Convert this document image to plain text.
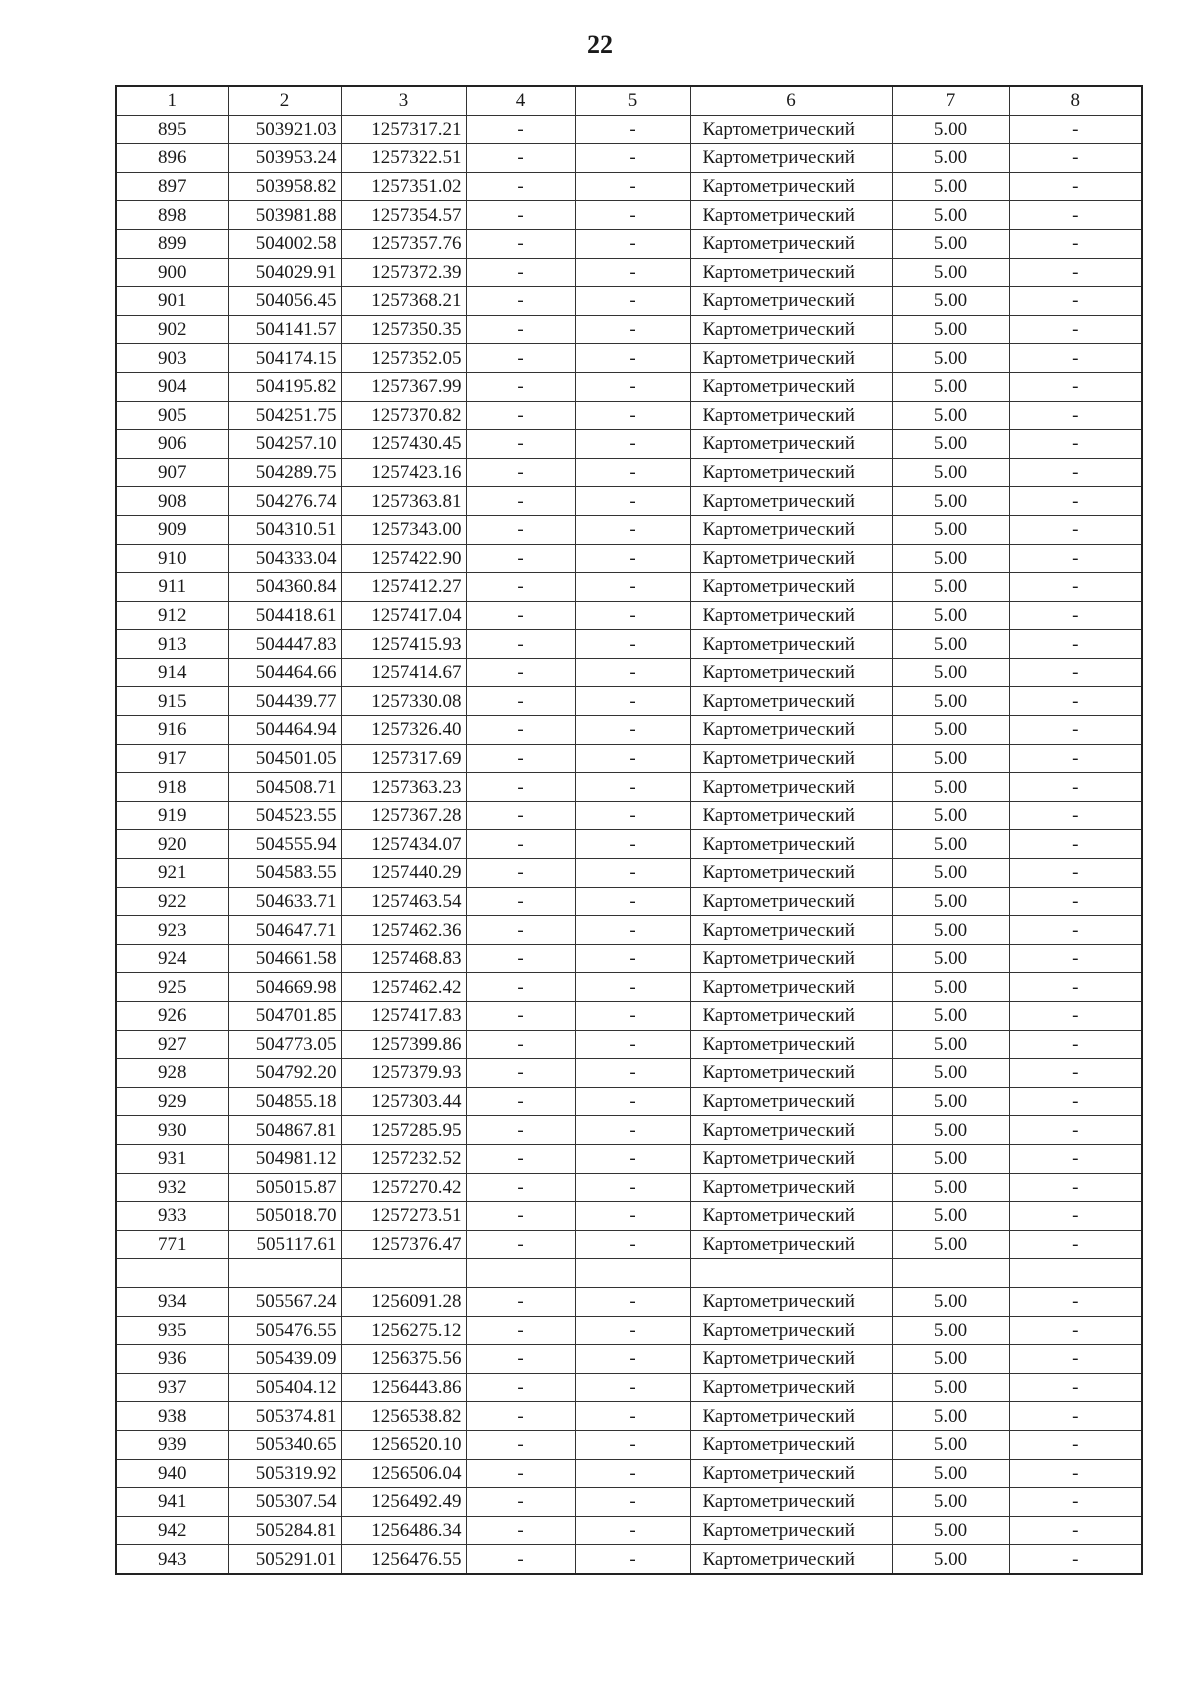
22
1	2	3	4	5	6	7	8
895	503921.03	1257317.21	-	-	Картометрический	5.00	-
896	503953.24	1257322.51	-	-	Картометрический	5.00	-
897	503958.82	1257351.02	-	-	Картометрический	5.00	-
898	503981.88	1257354.57	-	-	Картометрический	5.00	-
899	504002.58	1257357.76	-	-	Картометрический	5.00	-
900	504029.91	1257372.39	-	-	Картометрический	5.00	-
901	504056.45	1257368.21	-	-	Картометрический	5.00	-
902	504141.57	1257350.35	-	-	Картометрический	5.00	-
903	504174.15	1257352.05	-	-	Картометрический	5.00	-
904	504195.82	1257367.99	-	-	Картометрический	5.00	-
905	504251.75	1257370.82	-	-	Картометрический	5.00	-
906	504257.10	1257430.45	-	-	Картометрический	5.00	-
907	504289.75	1257423.16	-	-	Картометрический	5.00	-
908	504276.74	1257363.81	-	-	Картометрический	5.00	-
909	504310.51	1257343.00	-	-	Картометрический	5.00	-
910	504333.04	1257422.90	-	-	Картометрический	5.00	-
911	504360.84	1257412.27	-	-	Картометрический	5.00	-
912	504418.61	1257417.04	-	-	Картометрический	5.00	-
913	504447.83	1257415.93	-	-	Картометрический	5.00	-
914	504464.66	1257414.67	-	-	Картометрический	5.00	-
915	504439.77	1257330.08	-	-	Картометрический	5.00	-
916	504464.94	1257326.40	-	-	Картометрический	5.00	-
917	504501.05	1257317.69	-	-	Картометрический	5.00	-
918	504508.71	1257363.23	-	-	Картометрический	5.00	-
919	504523.55	1257367.28	-	-	Картометрический	5.00	-
920	504555.94	1257434.07	-	-	Картометрический	5.00	-
921	504583.55	1257440.29	-	-	Картометрический	5.00	-
922	504633.71	1257463.54	-	-	Картометрический	5.00	-
923	504647.71	1257462.36	-	-	Картометрический	5.00	-
924	504661.58	1257468.83	-	-	Картометрический	5.00	-
925	504669.98	1257462.42	-	-	Картометрический	5.00	-
926	504701.85	1257417.83	-	-	Картометрический	5.00	-
927	504773.05	1257399.86	-	-	Картометрический	5.00	-
928	504792.20	1257379.93	-	-	Картометрический	5.00	-
929	504855.18	1257303.44	-	-	Картометрический	5.00	-
930	504867.81	1257285.95	-	-	Картометрический	5.00	-
931	504981.12	1257232.52	-	-	Картометрический	5.00	-
932	505015.87	1257270.42	-	-	Картометрический	5.00	-
933	505018.70	1257273.51	-	-	Картометрический	5.00	-
771	505117.61	1257376.47	-	-	Картометрический	5.00	-

934	505567.24	1256091.28	-	-	Картометрический	5.00	-
935	505476.55	1256275.12	-	-	Картометрический	5.00	-
936	505439.09	1256375.56	-	-	Картометрический	5.00	-
937	505404.12	1256443.86	-	-	Картометрический	5.00	-
938	505374.81	1256538.82	-	-	Картометрический	5.00	-
939	505340.65	1256520.10	-	-	Картометрический	5.00	-
940	505319.92	1256506.04	-	-	Картометрический	5.00	-
941	505307.54	1256492.49	-	-	Картометрический	5.00	-
942	505284.81	1256486.34	-	-	Картометрический	5.00	-
943	505291.01	1256476.55	-	-	Картометрический	5.00	-
